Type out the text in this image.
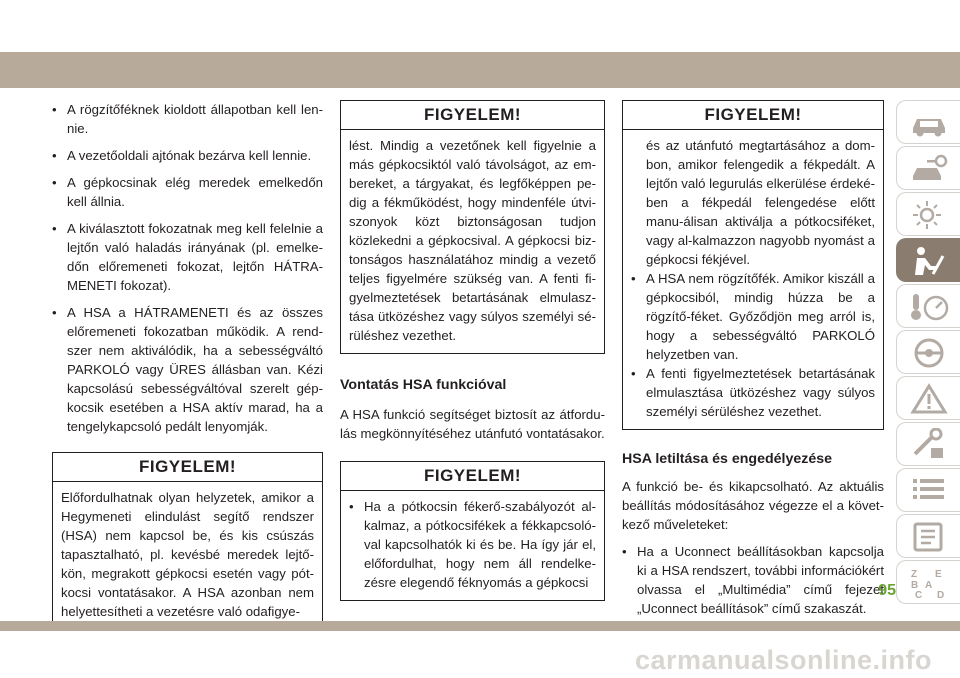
• A rögzítőféknek kioldott állapotban kell len-nie.
• A vezetőoldali ajtónak bezárva kell lennie.
• A gépkocsinak elég meredek emelkedőn kell állnia.
• A kiválasztott fokozatnak meg kell felelnie a lejtőn való haladás irányának (pl. emelke-dőn előremeneti fokozat, lejtőn HÁTRA-MENETI fokozat).
• A HSA a HÁTRAMENETI és az összes előremeneti fokozatban működik. A rend-szer nem aktiválódik, ha a sebességváltó PARKOLÓ vagy ÜRES állásban van. Kézi kapcsolású sebességváltóval szerelt gép-kocsik esetében a HSA aktív marad, ha a tengelykapcsoló pedált lenyomják.
FIGYELEM!
Előfordulhatnak olyan helyzetek, amikor a Hegymeneti elindulást segítő rendszer (HSA) nem kapcsol be, és kis csúszás tapasztalható, pl. kevésbé meredek lejtő-kön, megrakott gépkocsi esetén vagy pót-kocsi vontatásakor. A HSA azonban nem helyettesítheti a vezetésre való odafigye-
FIGYELEM!
lést. Mindig a vezetőnek kell figyelnie a más gépkocsiktól való távolságot, az em-bereket, a tárgyakat, és legfőképpen pe-dig a fékműködést, hogy mindenféle útvi-szonyok közt biztonságosan tudjon közlekedni a gépkocsival. A gépkocsi biz-tonságos használatához mindig a vezető teljes figyelmére szükség van. A fenti fi-gyelmeztetések betartásának elmulasz-tása ütközéshez vagy súlyos személyi sé-rüléshez vezethet.

Vontatás HSA funkcióval

A HSA funkció segítséget biztosít az átfordu-lás megkönnyítéséhez utánfutó vontatásakor.

FIGYELEM!
• Ha a pótkocsin fékerő-szabályozót al-kalmaz, a pótkocsifékek a fékkapcsoló-val kapcsolhatók ki és be. Ha így jár el, előfordulhat, hogy nem áll rendelke-zésre elegendő féknyomás a gépkocsi
FIGYELEM!
és az utánfutó megtartásához a dom-bon, amikor felengedik a fékpedált. A lejtőn való legurulás elkerülése érdeké-ben a fékpedál felengedése előtt manu-álisan aktiválja a pótkocsiféket, vagy al-kalmazzon nagyobb nyomást a gépkocsi fékjével.
• A HSA nem rögzítőfék. Amikor kiszáll a gépkocsiból, mindig húzza be a rögzítő-féket. Győződjön meg arról is, hogy a sebességváltó PARKOLÓ helyzetben van.
• A fenti figyelmeztetések betartásának elmulasztása ütközéshez vagy súlyos személyi sérüléshez vezethet.

HSA letiltása és engedélyezése

A funkció be- és kikapcsolható. Az aktuális beállítás módosításához végezze el a követ-kező műveleteket:

• Ha a Uconnect beállításokban kapcsolja ki a HSA rendszert, további információkért olvassa el „Multimédia” című fejezet „Uconnect beállítások” című szakaszát.
Z E
B A
C D
95
carmanualsonline.info
